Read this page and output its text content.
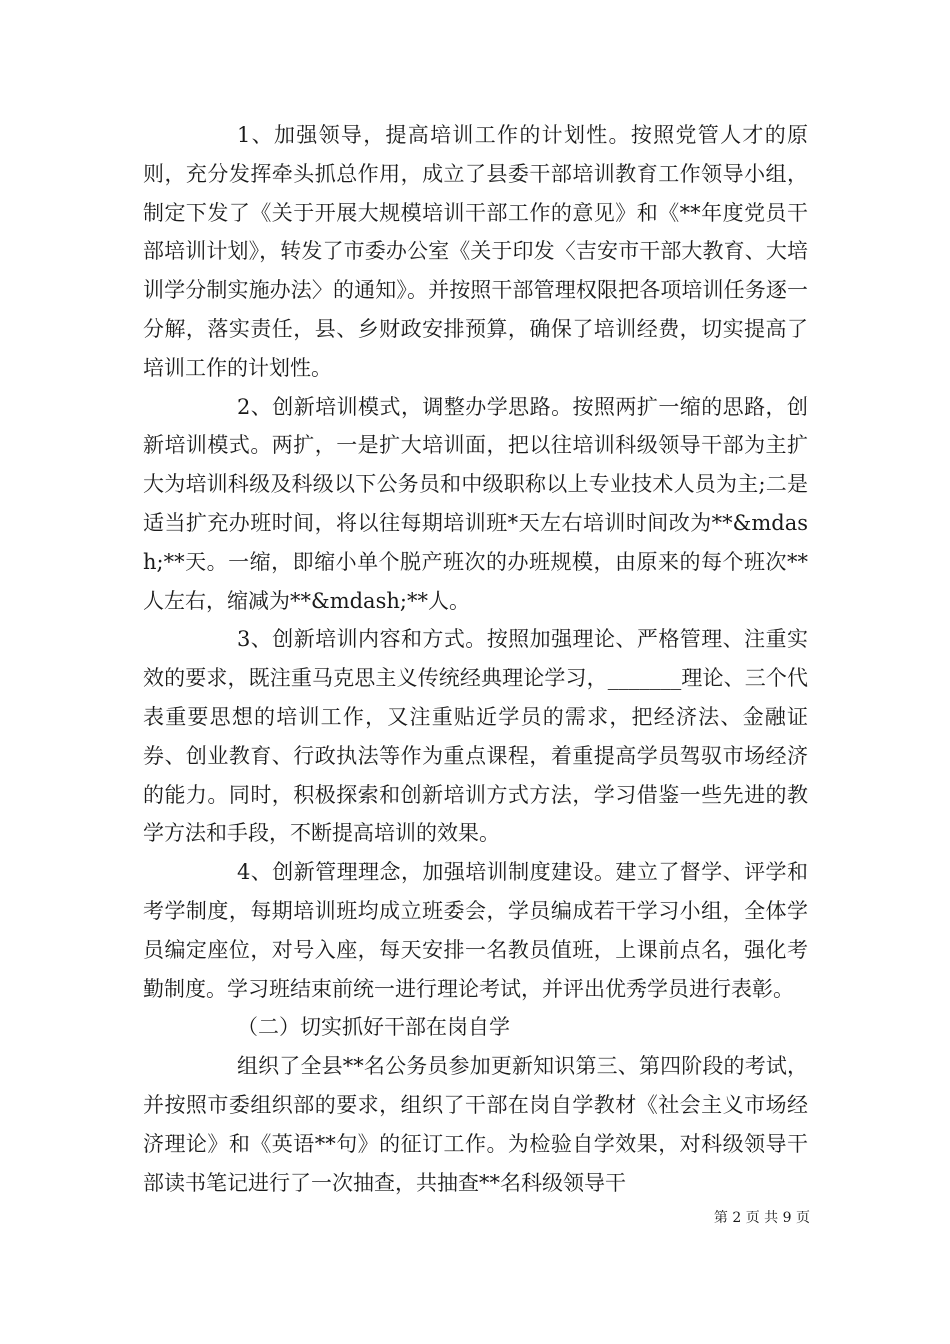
1、加强领导，提高培训工作的计划性。按照党管人才的原则，充分发挥牵头抓总作用，成立了县委干部培训教育工作领导小组，制定下发了《关于开展大规模培训干部工作的意见》和《**年度党员干部培训计划》，转发了市委办公室《关于印发〈吉安市干部大教育、大培训学分制实施办法〉的通知》。并按照干部管理权限把各项培训任务逐一分解，落实责任，县、乡财政安排预算，确保了培训经费，切实提高了培训工作的计划性。

2、创新培训模式，调整办学思路。按照两扩一缩的思路，创新培训模式。两扩，一是扩大培训面，把以往培训科级领导干部为主扩大为培训科级及科级以下公务员和中级职称以上专业技术人员为主;二是适当扩充办班时间，将以往每期培训班*天左右培训时间改为**&mdash;**天。一缩，即缩小单个脱产班次的办班规模，由原来的每个班次**人左右，缩减为**&mdash;**人。

3、创新培训内容和方式。按照加强理论、严格管理、注重实效的要求，既注重马克思主义传统经典理论学习，_______理论、三个代表重要思想的培训工作，又注重贴近学员的需求，把经济法、金融证券、创业教育、行政执法等作为重点课程，着重提高学员驾驭市场经济的能力。同时，积极探索和创新培训方式方法，学习借鉴一些先进的教学方法和手段，不断提高培训的效果。

4、创新管理理念，加强培训制度建设。建立了督学、评学和考学制度，每期培训班均成立班委会，学员编成若干学习小组，全体学员编定座位，对号入座，每天安排一名教员值班，上课前点名，强化考勤制度。学习班结束前统一进行理论考试，并评出优秀学员进行表彰。

（二）切实抓好干部在岗自学

组织了全县**名公务员参加更新知识第三、第四阶段的考试，并按照市委组织部的要求，组织了干部在岗自学教材《社会主义市场经济理论》和《英语**句》的征订工作。为检验自学效果，对科级领导干部读书笔记进行了一次抽查，共抽查**名科级领导干

第 2 页 共 9 页
